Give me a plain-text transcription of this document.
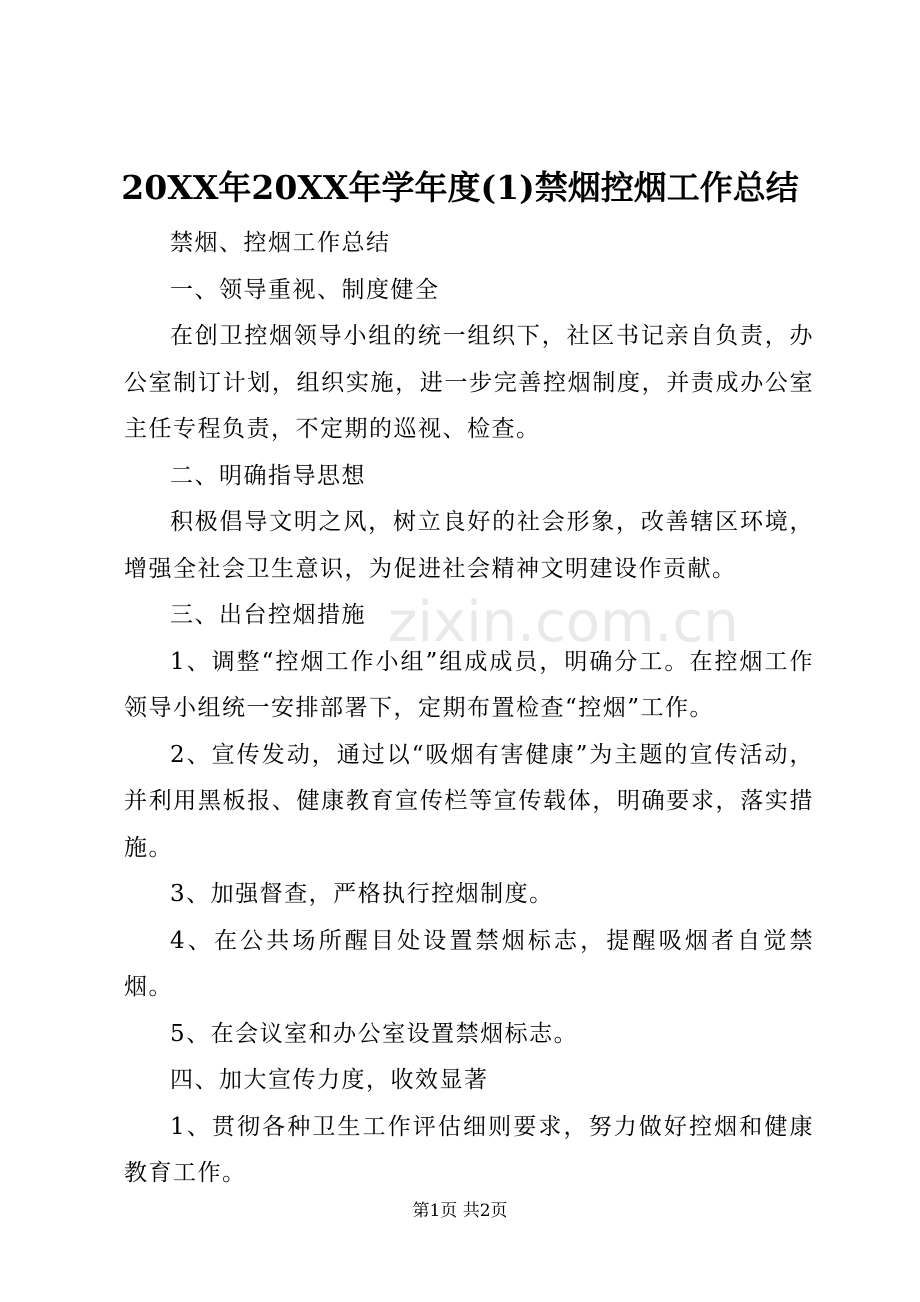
zixin.com.cn
20XX年20XX年学年度(1)禁烟控烟工作总结

禁烟、控烟工作总结

一、领导重视、制度健全

在创卫控烟领导小组的统一组织下，社区书记亲自负责，办公室制订计划，组织实施，进一步完善控烟制度，并责成办公室主任专程负责，不定期的巡视、检查。

二、明确指导思想

积极倡导文明之风，树立良好的社会形象，改善辖区环境，增强全社会卫生意识，为促进社会精神文明建设作贡献。

三、出台控烟措施

1、调整“控烟工作小组”组成成员，明确分工。在控烟工作领导小组统一安排部署下，定期布置检查“控烟”工作。

2、宣传发动，通过以“吸烟有害健康”为主题的宣传活动，并利用黑板报、健康教育宣传栏等宣传载体，明确要求，落实措施。

3、加强督查，严格执行控烟制度。

4、在公共场所醒目处设置禁烟标志，提醒吸烟者自觉禁烟。

5、在会议室和办公室设置禁烟标志。

四、加大宣传力度，收效显著

1、贯彻各种卫生工作评估细则要求，努力做好控烟和健康教育工作。

第1页 共2页
